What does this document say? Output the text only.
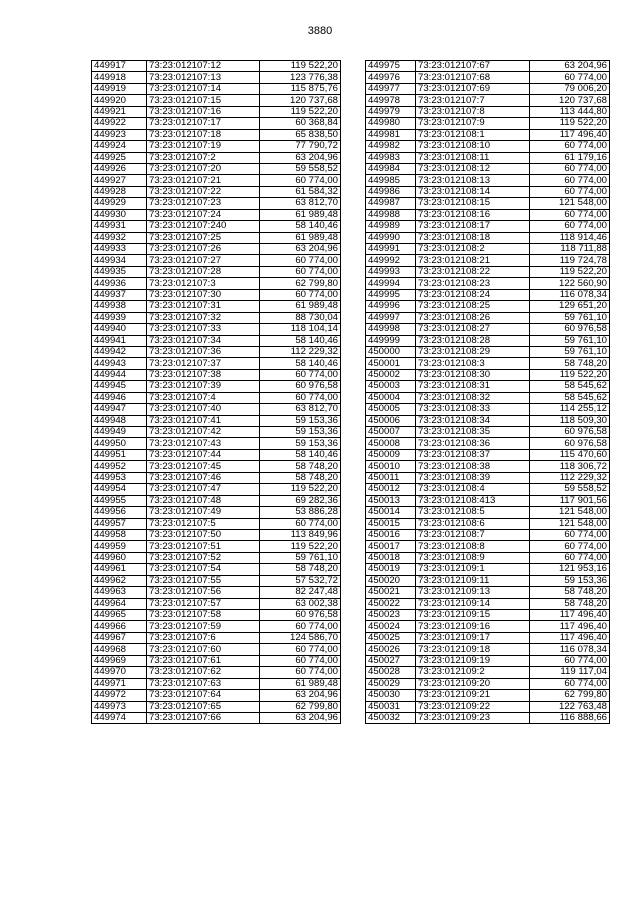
3880
449917	73:23:012107:12	119 522,20
449918	73:23:012107:13	123 776,38
449919	73:23:012107:14	115 875,76
449920	73:23:012107:15	120 737,68
449921	73:23:012107:16	119 522,20
449922	73:23:012107:17	60 368,84
449923	73:23:012107:18	65 838,50
449924	73:23:012107:19	77 790,72
449925	73:23:012107:2	63 204,96
449926	73:23:012107:20	59 558,52
449927	73:23:012107:21	60 774,00
449928	73:23:012107:22	61 584,32
449929	73:23:012107:23	63 812,70
449930	73:23:012107:24	61 989,48
449931	73:23:012107:240	58 140,46
449932	73:23:012107:25	61 989,48
449933	73:23:012107:26	63 204,96
449934	73:23:012107:27	60 774,00
449935	73:23:012107:28	60 774,00
449936	73:23:012107:3	62 799,80
449937	73:23:012107:30	60 774,00
449938	73:23:012107:31	61 989,48
449939	73:23:012107:32	88 730,04
449940	73:23:012107:33	118 104,14
449941	73:23:012107:34	58 140,46
449942	73:23:012107:36	112 229,32
449943	73:23:012107:37	58 140,46
449944	73:23:012107:38	60 774,00
449945	73:23:012107:39	60 976,58
449946	73:23:012107:4	60 774,00
449947	73:23:012107:40	63 812,70
449948	73:23:012107:41	59 153,36
449949	73:23:012107:42	59 153,36
449950	73:23:012107:43	59 153,36
449951	73:23:012107:44	58 140,46
449952	73:23:012107:45	58 748,20
449953	73:23:012107:46	58 748,20
449954	73:23:012107:47	119 522,20
449955	73:23:012107:48	69 282,36
449956	73:23:012107:49	53 886,28
449957	73:23:012107:5	60 774,00
449958	73:23:012107:50	113 849,96
449959	73:23:012107:51	119 522,20
449960	73:23:012107:52	59 761,10
449961	73:23:012107:54	58 748,20
449962	73:23:012107:55	57 532,72
449963	73:23:012107:56	82 247,48
449964	73:23:012107:57	63 002,38
449965	73:23:012107:58	60 976,58
449966	73:23:012107:59	60 774,00
449967	73:23:012107:6	124 586,70
449968	73:23:012107:60	60 774,00
449969	73:23:012107:61	60 774,00
449970	73:23:012107:62	60 774,00
449971	73:23:012107:63	61 989,48
449972	73:23:012107:64	63 204,96
449973	73:23:012107:65	62 799,80
449974	73:23:012107:66	63 204,96
449975	73:23:012107:67	63 204,96
449976	73:23:012107:68	60 774,00
449977	73:23:012107:69	79 006,20
449978	73:23:012107:7	120 737,68
449979	73:23:012107:8	113 444,80
449980	73:23:012107:9	119 522,20
449981	73:23:012108:1	117 496,40
449982	73:23:012108:10	60 774,00
449983	73:23:012108:11	61 179,16
449984	73:23:012108:12	60 774,00
449985	73:23:012108:13	60 774,00
449986	73:23:012108:14	60 774,00
449987	73:23:012108:15	121 548,00
449988	73:23:012108:16	60 774,00
449989	73:23:012108:17	60 774,00
449990	73:23:012108:18	118 914,46
449991	73:23:012108:2	118 711,88
449992	73:23:012108:21	119 724,78
449993	73:23:012108:22	119 522,20
449994	73:23:012108:23	122 560,90
449995	73:23:012108:24	116 078,34
449996	73:23:012108:25	129 651,20
449997	73:23:012108:26	59 761,10
449998	73:23:012108:27	60 976,58
449999	73:23:012108:28	59 761,10
450000	73:23:012108:29	59 761,10
450001	73:23:012108:3	58 748,20
450002	73:23:012108:30	119 522,20
450003	73:23:012108:31	58 545,62
450004	73:23:012108:32	58 545,62
450005	73:23:012108:33	114 255,12
450006	73:23:012108:34	118 509,30
450007	73:23:012108:35	60 976,58
450008	73:23:012108:36	60 976,58
450009	73:23:012108:37	115 470,60
450010	73:23:012108:38	118 306,72
450011	73:23:012108:39	112 229,32
450012	73:23:012108:4	59 558,52
450013	73:23:012108:413	117 901,56
450014	73:23:012108:5	121 548,00
450015	73:23:012108:6	121 548,00
450016	73:23:012108:7	60 774,00
450017	73:23:012108:8	60 774,00
450018	73:23:012108:9	60 774,00
450019	73:23:012109:1	121 953,16
450020	73:23:012109:11	59 153,36
450021	73:23:012109:13	58 748,20
450022	73:23:012109:14	58 748,20
450023	73:23:012109:15	117 496,40
450024	73:23:012109:16	117 496,40
450025	73:23:012109:17	117 496,40
450026	73:23:012109:18	116 078,34
450027	73:23:012109:19	60 774,00
450028	73:23:012109:2	119 117,04
450029	73:23:012109:20	60 774,00
450030	73:23:012109:21	62 799,80
450031	73:23:012109:22	122 763,48
450032	73:23:012109:23	116 888,66
